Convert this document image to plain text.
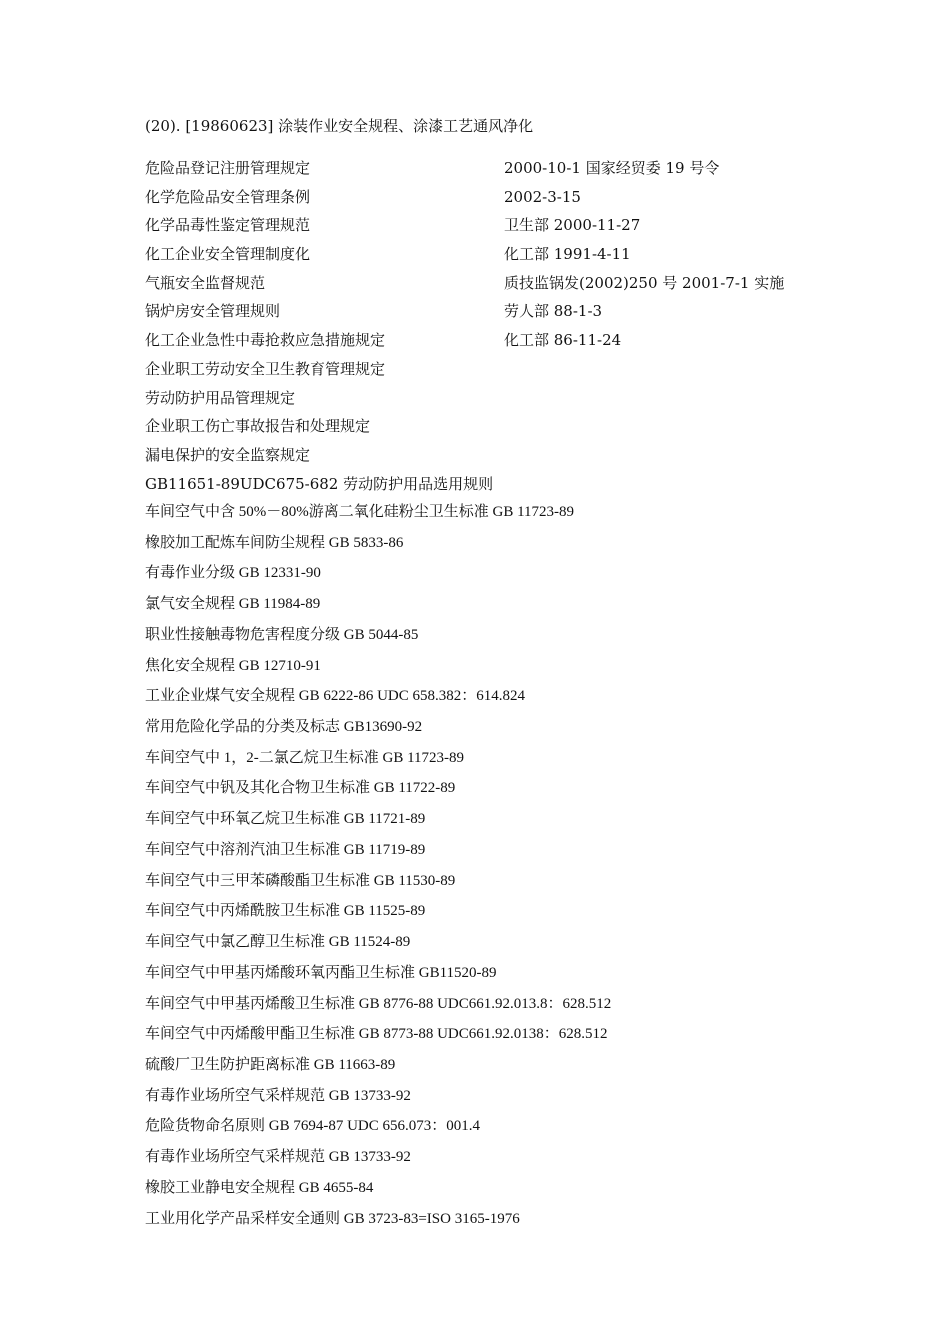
(20). [19860623] 涂装作业安全规程、涂漆工艺通风净化
危险品登记注册管理规定	2000-10-1 国家经贸委 19 号令
化学危险品安全管理条例	2002-3-15
化学品毒性鉴定管理规范	卫生部 2000-11-27
化工企业安全管理制度化	化工部 1991-4-11
气瓶安全监督规范	质技监锅发(2002)250 号 2001-7-1 实施
锅炉房安全管理规则	劳人部 88-1-3
化工企业急性中毒抢救应急措施规定	化工部 86-11-24
企业职工劳动安全卫生教育管理规定
劳动防护用品管理规定
企业职工伤亡事故报告和处理规定
漏电保护的安全监察规定
GB11651-89UDC675-682 劳动防护用品选用规则
车间空气中含 50%－80%游离二氧化硅粉尘卫生标准 GB 11723-89
橡胶加工配炼车间防尘规程 GB 5833-86
有毒作业分级 GB 12331-90
氯气安全规程 GB 11984-89
职业性接触毒物危害程度分级 GB 5044-85
焦化安全规程 GB 12710-91
工业企业煤气安全规程 GB 6222-86 UDC 658.382：614.824
常用危险化学品的分类及标志 GB13690-92
车间空气中 1，2-二氯乙烷卫生标准 GB 11723-89
车间空气中钒及其化合物卫生标准 GB 11722-89
车间空气中环氧乙烷卫生标准 GB 11721-89
车间空气中溶剂汽油卫生标准 GB 11719-89
车间空气中三甲苯磷酸酯卫生标准 GB 11530-89
车间空气中丙烯酰胺卫生标准 GB 11525-89
车间空气中氯乙醇卫生标准 GB 11524-89
车间空气中甲基丙烯酸环氧丙酯卫生标准 GB11520-89
车间空气中甲基丙烯酸卫生标准 GB 8776-88 UDC661.92.013.8：628.512
车间空气中丙烯酸甲酯卫生标准 GB 8773-88 UDC661.92.0138：628.512
硫酸厂卫生防护距离标准 GB 11663-89
有毒作业场所空气采样规范 GB 13733-92
危险货物命名原则 GB 7694-87 UDC 656.073：001.4
有毒作业场所空气采样规范 GB 13733-92
橡胶工业静电安全规程 GB 4655-84
工业用化学产品采样安全通则 GB 3723-83=ISO 3165-1976
